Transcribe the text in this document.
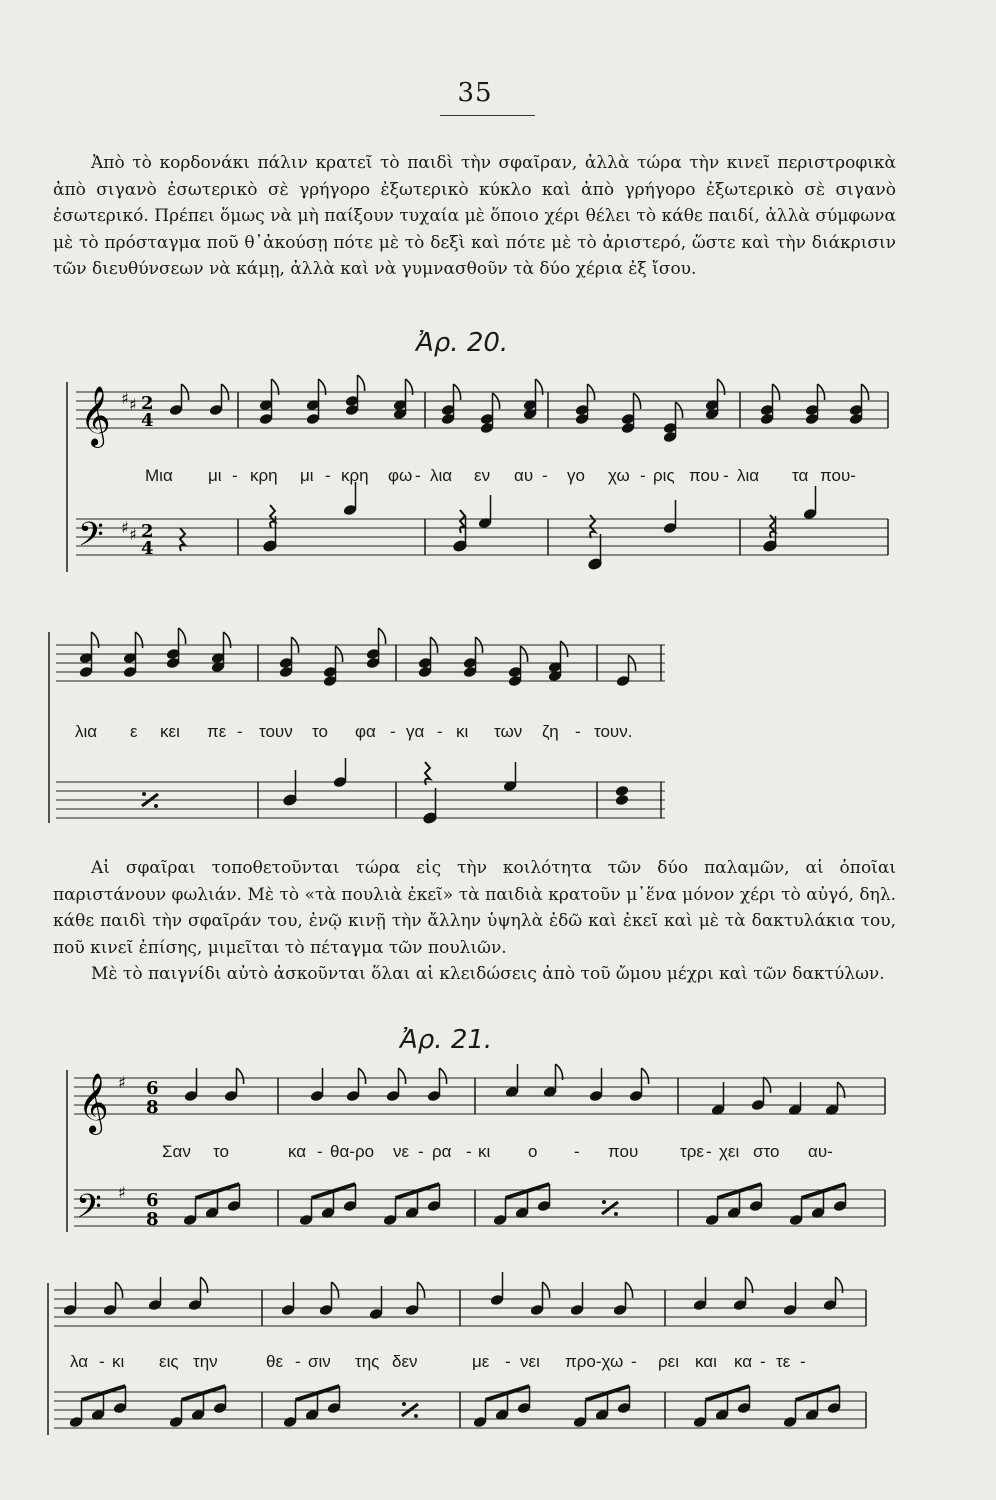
35

Ἀπὸ τὸ κορδονάκι πάλιν κρατεῖ τὸ παιδὶ τὴν σφαῖραν, ἀλλὰ τώρα τὴν κινεῖ περιστροφικὰ ἀπὸ σιγανὸ ἐσωτερικὸ σὲ γρήγορο ἐξωτερικὸ κύκλο καὶ ἀπὸ γρήγορο ἐξωτερικὸ σὲ σιγανὸ ἐσωτερικό. Πρέπει ὅμως νὰ μὴ παίξουν τυχαία μὲ ὅποιο χέρι θέλει τὸ κάθε παιδί, ἀλλὰ σύμφωνα μὲ τὸ πρόσταγμα ποῦ θ᾽ἀκούσῃ πότε μὲ τὸ δεξὶ καὶ πότε μὲ τὸ ἀριστερό, ὥστε καὶ τὴν διάκρισιν τῶν διευθύνσεων νὰ κάμῃ, ἀλλὰ καὶ νὰ γυμνασθοῦν τὰ δύο χέρια ἐξ ἴσου.

Ἀρ. 20.
𝄞 ♯ ♯ 2
4
𝄢 ♯ ♯ 2
4
𝄞 ♯ 6
8
𝄢 ♯ 6
8
Μια μι - κρη μι - κρη φω - λια εν αυ - γο χω - ρις που - λια τα που-
λια ε κει πε - τουν το φα - γα - κι των ζη - τουν.

Αἱ σφαῖραι τοποθετοῦνται τώρα εἰς τὴν κοιλότητα τῶν δύο παλαμῶν, αἱ ὁποῖαι παριστάνουν φωλιάν. Μὲ τὸ «τὰ πουλιὰ ἐκεῖ» τὰ παιδιὰ κρατοῦν μ᾽ἕνα μόνον χέρι τὸ αὐγό, δηλ. κάθε παιδὶ τὴν σφαῖράν του, ἐνῷ κινῇ τὴν ἄλλην ὑψηλὰ ἐδῶ καὶ ἐκεῖ καὶ μὲ τὰ δακτυλάκια του, ποῦ κινεῖ ἐπίσης, μιμεῖται τὸ πέταγμα τῶν πουλιῶν.

Μὲ τὸ παιγνίδι αὐτὸ ἀσκοῦνται ὅλαι αἱ κλειδώσεις ἀπὸ τοῦ ὤμου μέχρι καὶ τῶν δακτύλων.

Ἀρ. 21.
Σαν το	κα - θα-ρο νε - ρα - κι ο - που τρε - χει στο αυ-
λα - κι εις την	θε - σιν της δεν	με - νει προ-χω - ρει και κα - τε -
